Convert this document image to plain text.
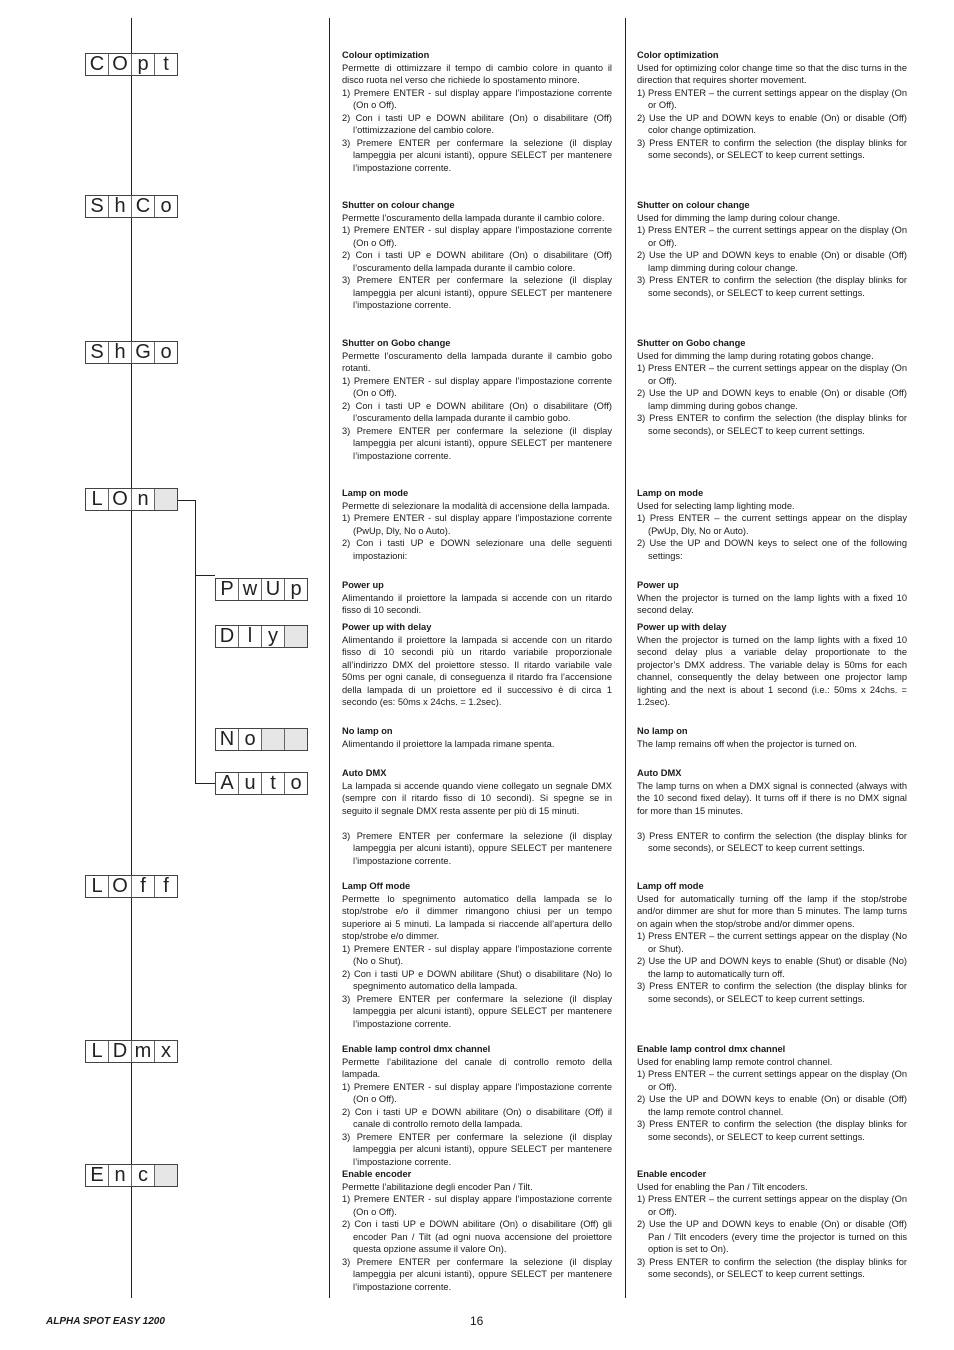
C O p t
S h C o
S h G o
L O n
P w U p
D l y
N o
A u t o
L O f f
L D m x
E n c
Colour optimization

Permette di ottimizzare il tempo di cambio colore in quanto il disco ruota nel verso che richiede lo spostamento minore.

1) Premere ENTER - sul display appare l’impostazione corrente (On o Off).
2) Con i tasti UP e DOWN abilitare (On) o disabilitare (Off) l’ottimizzazione del cambio colore.
3) Premere ENTER per confermare la selezione (il display lampeggia per alcuni istanti), oppure SELECT per mantenere l’impostazione corrente.
Shutter on colour change

Permette l’oscuramento della lampada durante il cambio colore.

1) Premere ENTER - sul display appare l’impostazione corrente (On o Off).
2) Con i tasti UP e DOWN abilitare (On) o disabilitare (Off) l’oscuramento della lampada durante il cambio colore.
3) Premere ENTER per confermare la selezione (il display lampeggia per alcuni istanti), oppure SELECT per mantenere l’impostazione corrente.
Shutter on Gobo change

Permette l’oscuramento della lampada durante il cambio gobo rotanti.

1) Premere ENTER - sul display appare l’impostazione corrente (On o Off).
2) Con i tasti UP e DOWN abilitare (On) o disabilitare (Off) l’oscuramento della lampada durante il cambio gobo.
3) Premere ENTER per confermare la selezione (il display lampeggia per alcuni istanti), oppure SELECT per mantenere l’impostazione corrente.
Lamp on mode

Permette di selezionare la modalità di accensione della lampada.

1) Premere ENTER - sul display appare l’impostazione corrente (PwUp, Dly, No o Auto).
2) Con i tasti UP e DOWN selezionare una delle seguenti impostazioni:
Power up

Alimentando il proiettore la lampada si accende con un ritardo fisso di 10 secondi.

Power up with delay

Alimentando il proiettore la lampada si accende con un ritardo fisso di 10 secondi più un ritardo variabile proporzionale all’indirizzo DMX del proiettore stesso. Il ritardo variabile vale 50ms per ogni canale, di conseguenza il ritardo fra l’accensione della lampada di un proiettore ed il successivo è di circa 1 secondo (es: 50ms x 24chs. = 1.2sec).

No lamp on

Alimentando il proiettore la lampada rimane spenta.

Auto DMX

La lampada si accende quando viene collegato un segnale DMX (sempre con il ritardo fisso di 10 secondi). Si spegne se in seguito il segnale DMX resta assente per più di 15 minuti.

3) Premere ENTER per confermare la selezione (il display lampeggia per alcuni istanti), oppure SELECT per mantenere l’impostazione corrente.
Lamp Off mode

Permette lo spegnimento automatico della lampada se lo stop/strobe e/o il dimmer rimangono chiusi per un tempo superiore ai 5 minuti. La lampada si riaccende all’apertura dello stop/strobe e/o dimmer.

1) Premere ENTER - sul display appare l’impostazione corrente (No o Shut).
2) Con i tasti UP e DOWN abilitare (Shut) o disabilitare (No) lo spegnimento automatico della lampada.
3) Premere ENTER per confermare la selezione (il display lampeggia per alcuni istanti), oppure SELECT per mantenere l’impostazione corrente.
Enable lamp control dmx channel

Permette l’abilitazione del canale di controllo remoto della lampada.

1) Premere ENTER - sul display appare l’impostazione corrente (On o Off).
2) Con i tasti UP e DOWN abilitare (On) o disabilitare (Off) il canale di controllo remoto della lampada.
3) Premere ENTER per confermare la selezione (il display lampeggia per alcuni istanti), oppure SELECT per mantenere l’impostazione corrente.
Enable encoder

Permette l’abilitazione degli encoder Pan / Tilt.

1) Premere ENTER - sul display appare l’impostazione corrente (On o Off).
2) Con i tasti UP e DOWN abilitare (On) o disabilitare (Off) gli encoder Pan / Tilt (ad ogni nuova accensione del proiettore questa opzione assume il valore On).
3) Premere ENTER per confermare la selezione (il display lampeggia per alcuni istanti), oppure SELECT per mantenere l’impostazione corrente.
Color optimization

Used for optimizing color change time so that the disc turns in the direction that requires shorter movement.

1) Press ENTER – the current settings appear on the display (On or Off).
2) Use the UP and DOWN keys to enable (On) or disable (Off) color change optimization.
3) Press ENTER to confirm the selection (the display blinks for some seconds), or SELECT to keep current settings.
Shutter on colour change

Used for dimming the lamp during colour change.

1) Press ENTER – the current settings appear on the display (On or Off).
2) Use the UP and DOWN keys to enable (On) or disable (Off) lamp dimming during colour change.
3) Press ENTER to confirm the selection (the display blinks for some seconds), or SELECT to keep current settings.
Shutter on Gobo change

Used for dimming the lamp during rotating gobos change.

1) Press ENTER – the current settings appear on the display (On or Off).
2) Use the UP and DOWN keys to enable (On) or disable (Off) lamp dimming during gobos change.
3) Press ENTER to confirm the selection (the display blinks for some seconds), or SELECT to keep current settings.
Lamp on mode

Used for selecting lamp lighting mode.

1) Press ENTER – the current settings appear on the display (PwUp, Dly, No or Auto).
2) Use the UP and DOWN keys to select one of the following settings:
Power up

When the projector is turned on the lamp lights with a fixed 10 second delay.

Power up with delay

When the projector is turned on the lamp lights with a fixed 10 second delay plus a variable delay proportionate to the projector’s DMX address. The variable delay is 50ms for each channel, consequently the delay between one projector lamp lighting and the next is about 1 second (i.e.: 50ms x 24chs. = 1.2sec).

No lamp on

The lamp remains off when the projector is turned on.

Auto DMX

The lamp turns on when a DMX signal is connected (always with the 10 second fixed delay). It turns off if there is no DMX signal for more than 15 minutes.

3) Press ENTER to confirm the selection (the display blinks for some seconds), or SELECT to keep current settings.
Lamp off mode

Used for automatically turning off the lamp if the stop/strobe and/or dimmer are shut for more than 5 minutes. The lamp turns on again when the stop/strobe and/or dimmer opens.

1) Press ENTER – the current settings appear on the display (No or Shut).
2) Use the UP and DOWN keys to enable (Shut) or disable (No) the lamp to automatically turn off.
3) Press ENTER to confirm the selection (the display blinks for some seconds), or SELECT to keep current settings.
Enable lamp control dmx channel

Used for enabling lamp remote control channel.

1) Press ENTER – the current settings appear on the display (On or Off).
2) Use the UP and DOWN keys to enable (On) or disable (Off) the lamp remote control channel.
3) Press ENTER to confirm the selection (the display blinks for some seconds), or SELECT to keep current settings.
Enable encoder

Used for enabling the Pan / Tilt encoders.

1) Press ENTER – the current settings appear on the display (On or Off).
2) Use the UP and DOWN keys to enable (On) or disable (Off) Pan / Tilt encoders (every time the projector is turned on this option is set to On).
3) Press ENTER to confirm the selection (the display blinks for some seconds), or SELECT to keep current settings.
ALPHA SPOT EASY 1200	16
